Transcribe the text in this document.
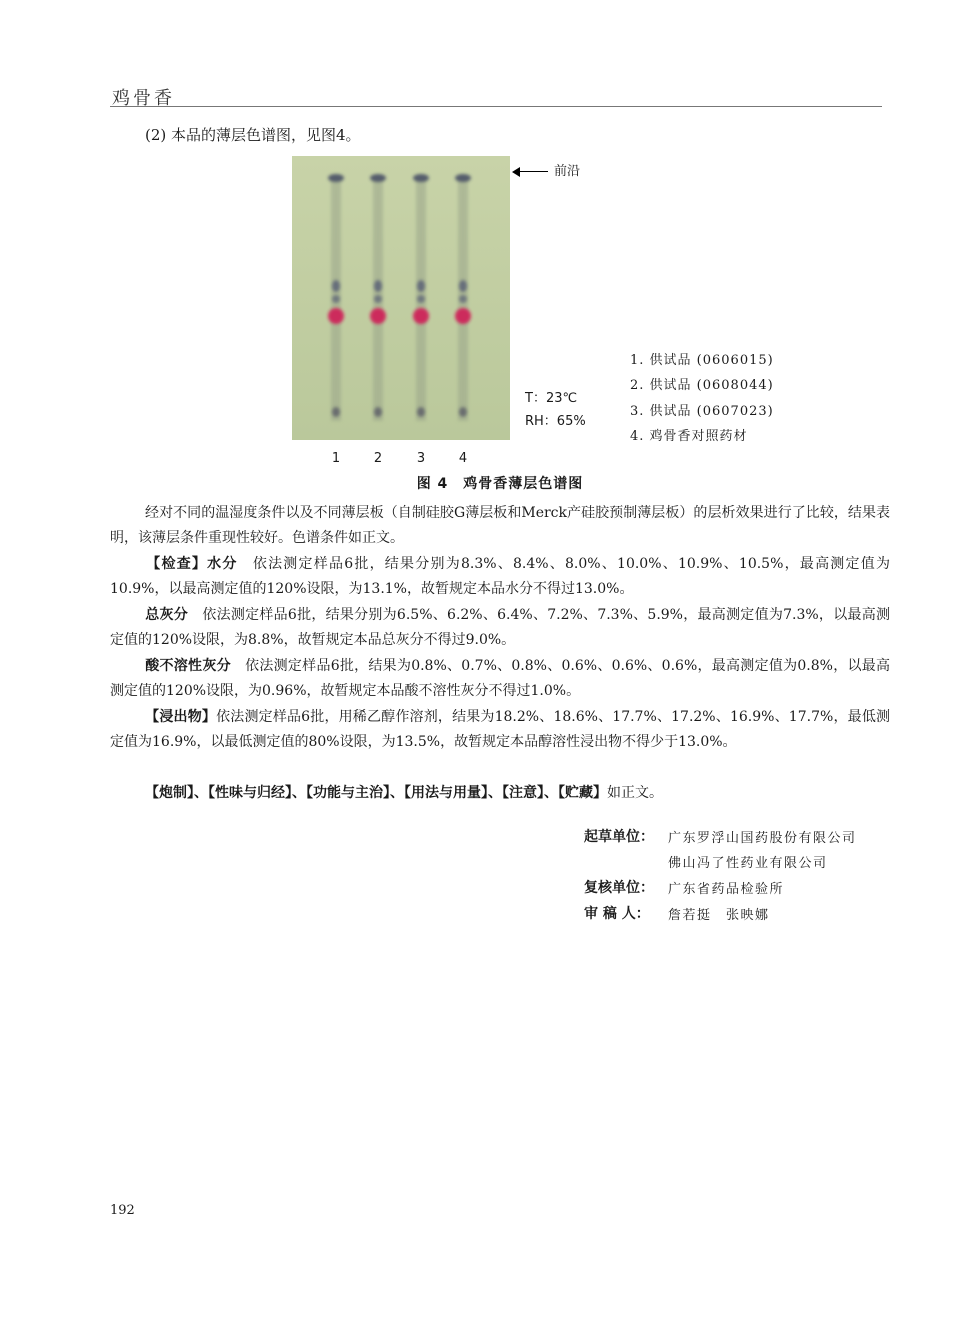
鸡骨香
(2) 本品的薄层色谱图，见图4。
前沿
T：23℃
RH：65%
1. 供试品 (0606015)
2. 供试品 (0608044)
3. 供试品 (0607023)
4. 鸡骨香对照药材
1	2	3	4
图 4　鸡骨香薄层色谱图
经对不同的温湿度条件以及不同薄层板（自制硅胶G薄层板和Merck产硅胶预制薄层板）的层析效果进行了比较，结果表明，该薄层条件重现性较好。色谱条件如正文。
【检查】水分　依法测定样品6批，结果分别为8.3%、8.4%、8.0%、10.0%、10.9%、10.5%，最高测定值为10.9%，以最高测定值的120%设限，为13.1%，故暂规定本品水分不得过13.0%。
总灰分　依法测定样品6批，结果分别为6.5%、6.2%、6.4%、7.2%、7.3%、5.9%，最高测定值为7.3%，以最高测定值的120%设限，为8.8%，故暂规定本品总灰分不得过9.0%。
酸不溶性灰分　依法测定样品6批，结果为0.8%、0.7%、0.8%、0.6%、0.6%、0.6%，最高测定值为0.8%，以最高测定值的120%设限，为0.96%，故暂规定本品酸不溶性灰分不得过1.0%。
【浸出物】依法测定样品6批，用稀乙醇作溶剂，结果为18.2%、18.6%、17.7%、17.2%、16.9%、17.7%，最低测定值为16.9%，以最低测定值的80%设限，为13.5%，故暂规定本品醇溶性浸出物不得少于13.0%。
【炮制】、【性味与归经】、【功能与主治】、【用法与用量】、【注意】、【贮藏】如正文。
起草单位： 广东罗浮山国药股份有限公司
佛山冯了性药业有限公司
复核单位： 广东省药品检验所
审 稿 人： 詹若挺　张映娜
192
